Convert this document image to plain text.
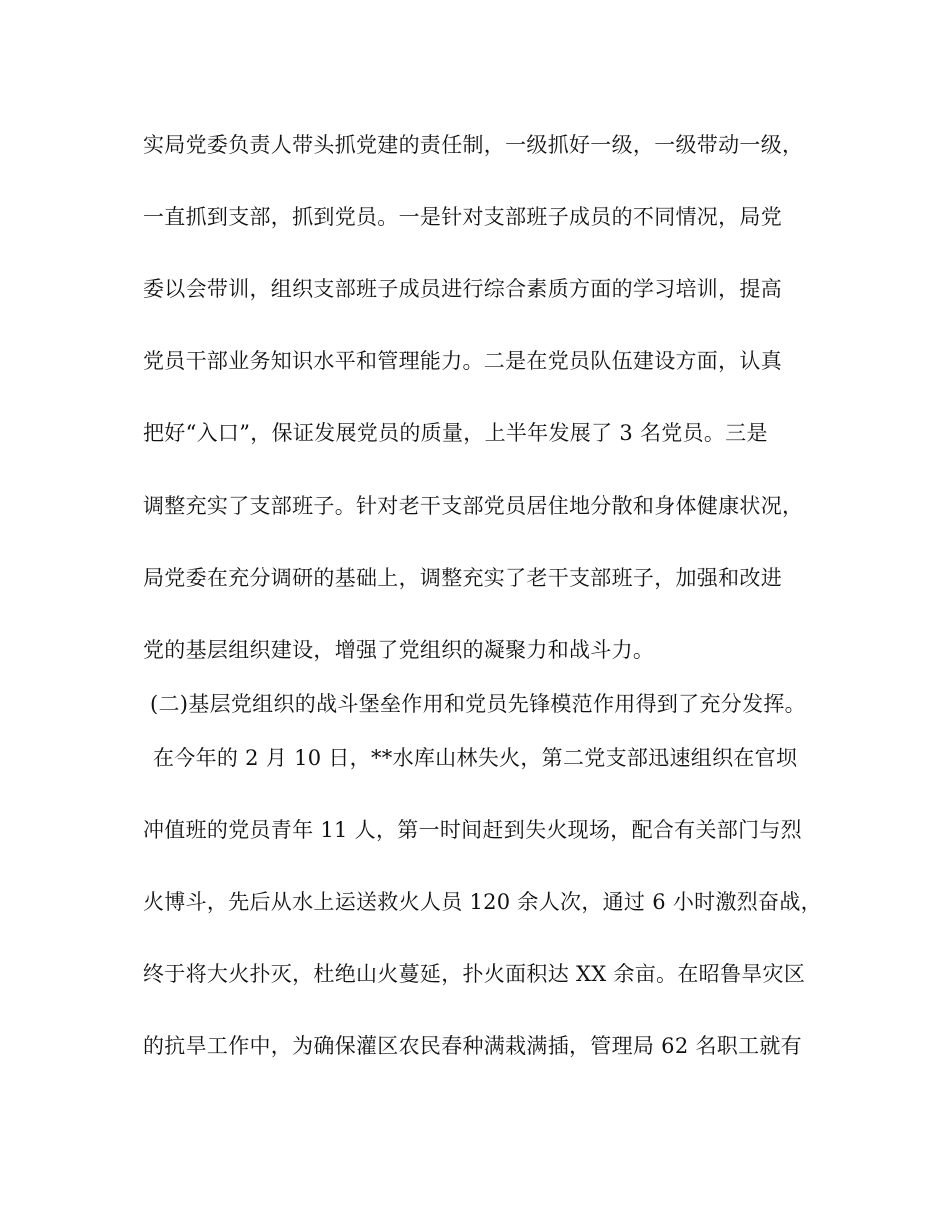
实局党委负责人带头抓党建的责任制，一级抓好一级，一级带动一级，
一直抓到支部，抓到党员。一是针对支部班子成员的不同情况，局党
委以会带训，组织支部班子成员进行综合素质方面的学习培训，提高
党员干部业务知识水平和管理能力。二是在党员队伍建设方面，认真
把好“入口”，保证发展党员的质量，上半年发展了 3 名党员。三是
调整充实了支部班子。针对老干支部党员居住地分散和身体健康状况，
局党委在充分调研的基础上，调整充实了老干支部班子，加强和改进
党的基层组织建设，增强了党组织的凝聚力和战斗力。
(二)基层党组织的战斗堡垒作用和党员先锋模范作用得到了充分发挥。
在今年的 2 月 10 日，**水库山林失火，第二党支部迅速组织在官坝
冲值班的党员青年 11 人，第一时间赶到失火现场，配合有关部门与烈
火博斗，先后从水上运送救火人员 120 余人次，通过 6 小时激烈奋战，
终于将大火扑灭，杜绝山火蔓延，扑火面积达 XX 余亩。在昭鲁旱灾区
的抗旱工作中，为确保灌区农民春种满栽满插，管理局 62 名职工就有
